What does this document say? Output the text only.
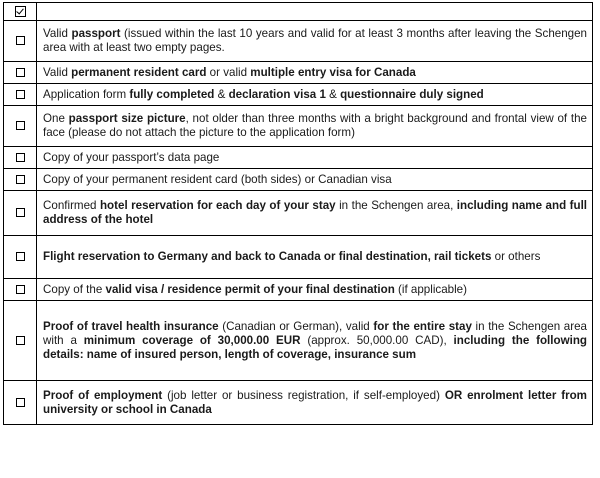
	Valid passport (issued within the last 10 years and valid for at least 3 months after leaving the Schengen area with at least two empty pages.
	Valid permanent resident card or valid multiple entry visa for Canada
	Application form fully completed & declaration visa 1 & questionnaire duly signed
	One passport size picture, not older than three months with a bright background and frontal view of the face (please do not attach the picture to the application form)
	Copy of your passport’s data page
	Copy of your permanent resident card (both sides) or Canadian visa
	Confirmed hotel reservation for each day of your stay in the Schengen area, including name and full address of the hotel
	Flight reservation to Germany and back to Canada or final destination, rail tickets or others
	Copy of the valid visa / residence permit of your final destination (if applicable)
	Proof of travel health insurance (Canadian or German), valid for the entire stay in the Schengen area with a minimum coverage of 30,000.00 EUR (approx. 50,000.00 CAD), including the following details: name of insured person, length of coverage, insurance sum
	Proof of employment (job letter or business registration, if self-employed) OR enrolment letter from university or school in Canada
